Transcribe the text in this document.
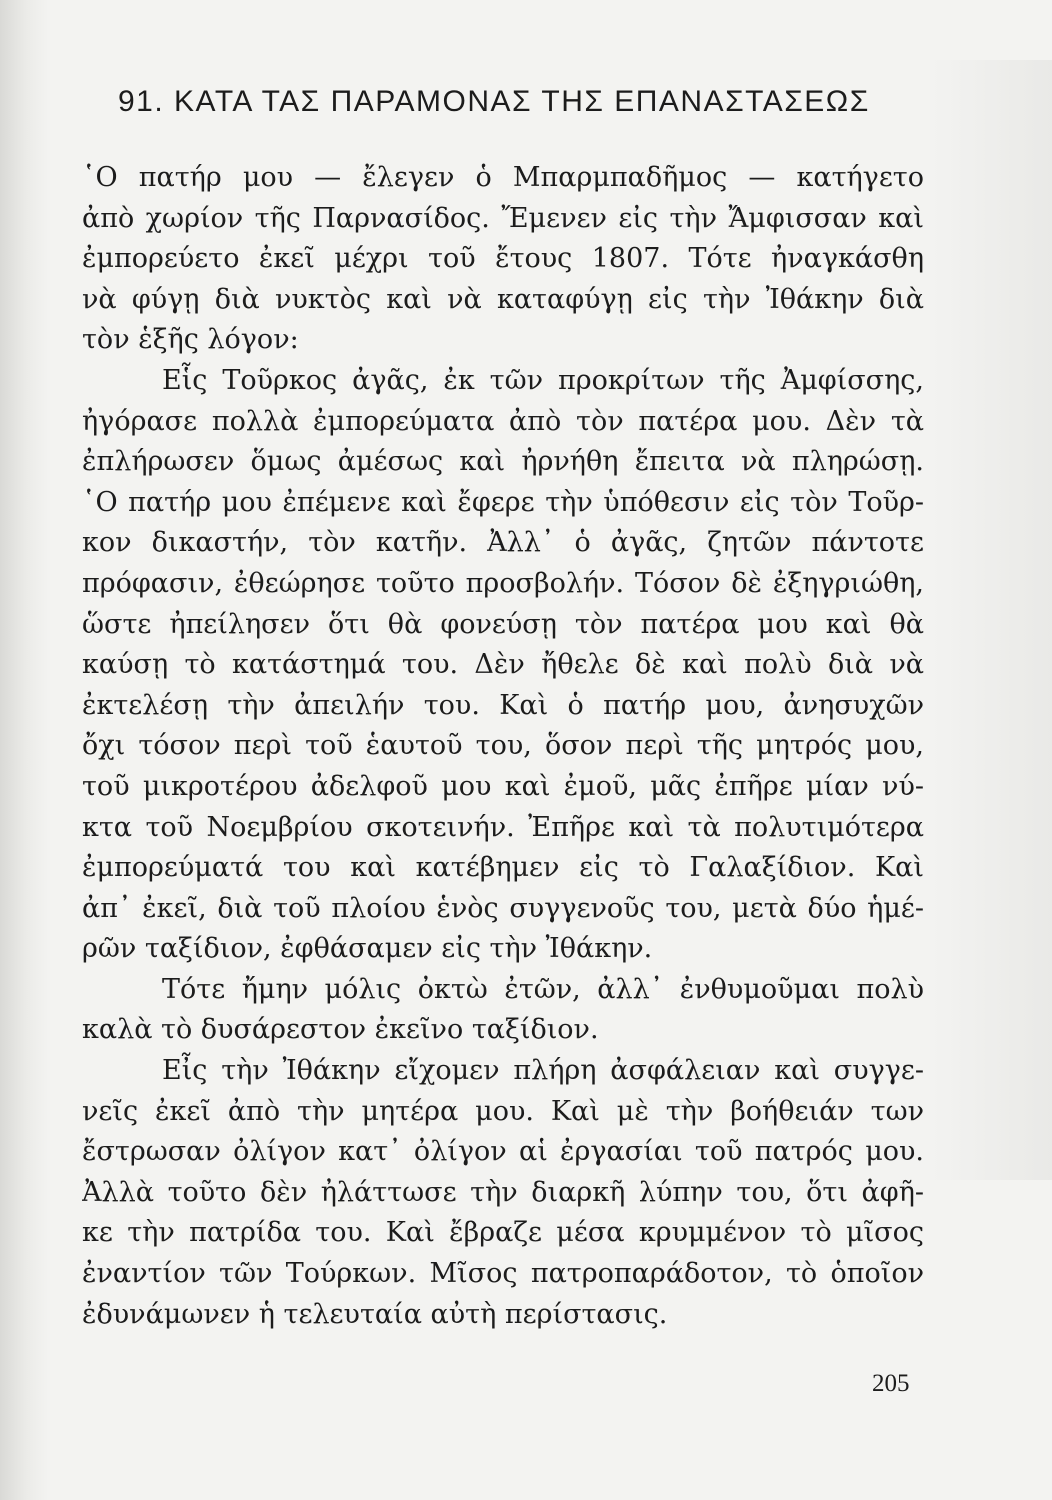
91. ΚΑΤΑ ΤΑΣ ΠΑΡΑΜΟΝΑΣ ΤΗΣ ΕΠΑΝΑΣΤΑΣΕΩΣ
῾Ο πατήρ μου — ἔλεγεν ὁ Μπαρμπαδῆμος — κατήγετο
ἀπὸ χωρίον τῆς Παρνασίδος. Ἔμενεν εἰς τὴν Ἄμφισσαν καὶ
ἐμπορεύετο ἐκεῖ μέχρι τοῦ ἔτους 1807. Τότε ἠναγκάσθη
νὰ φύγῃ διὰ νυκτὸς καὶ νὰ καταφύγῃ εἰς τὴν Ἰθάκην διὰ
τὸν ἑξῆς λόγον:
Εἷς Τοῦρκος ἀγᾶς, ἐκ τῶν προκρίτων τῆς Ἀμφίσσης,
ἠγόρασε πολλὰ ἐμπορεύματα ἀπὸ τὸν πατέρα μου. Δὲν τὰ
ἐπλήρωσεν ὅμως ἀμέσως καὶ ἠρνήθη ἔπειτα νὰ πληρώσῃ.
῾Ο πατήρ μου ἐπέμενε καὶ ἔφερε τὴν ὑπόθεσιν εἰς τὸν Τοῦρ-
κον δικαστήν, τὸν κατῆν. Ἀλλ᾽ ὁ ἀγᾶς, ζητῶν πάντοτε
πρόφασιν, ἐθεώρησε τοῦτο προσβολήν. Τόσον δὲ ἐξηγριώθη,
ὥστε ἠπείλησεν ὅτι θὰ φονεύσῃ τὸν πατέρα μου καὶ θὰ
καύσῃ τὸ κατάστημά του. Δὲν ἤθελε δὲ καὶ πολὺ διὰ νὰ
ἐκτελέσῃ τὴν ἀπειλήν του. Καὶ ὁ πατήρ μου, ἀνησυχῶν
ὄχι τόσον περὶ τοῦ ἑαυτοῦ του, ὅσον περὶ τῆς μητρός μου,
τοῦ μικροτέρου ἀδελφοῦ μου καὶ ἐμοῦ, μᾶς ἐπῆρε μίαν νύ-
κτα τοῦ Νοεμβρίου σκοτεινήν. Ἐπῆρε καὶ τὰ πολυτιμότερα
ἐμπορεύματά του καὶ κατέβημεν εἰς τὸ Γαλαξίδιον. Καὶ
ἀπ᾽ ἐκεῖ, διὰ τοῦ πλοίου ἑνὸς συγγενοῦς του, μετὰ δύο ἡμέ-
ρῶν ταξίδιον, ἐφθάσαμεν εἰς τὴν Ἰθάκην.
Τότε ἤμην μόλις ὀκτὼ ἐτῶν, ἀλλ᾽ ἐνθυμοῦμαι πολὺ
καλὰ τὸ δυσάρεστον ἐκεῖνο ταξίδιον.
Εἶς τὴν Ἰθάκην εἴχομεν πλήρη ἀσφάλειαν καὶ συγγε-
νεῖς ἐκεῖ ἀπὸ τὴν μητέρα μου. Καὶ μὲ τὴν βοήθειάν των
ἔστρωσαν ὀλίγον κατ᾽ ὀλίγον αἱ ἐργασίαι τοῦ πατρός μου.
Ἀλλὰ τοῦτο δὲν ἠλάττωσε τὴν διαρκῆ λύπην του, ὅτι ἀφῆ-
κε τὴν πατρίδα του. Καὶ ἔβραζε μέσα κρυμμένον τὸ μῖσος
ἐναντίον τῶν Τούρκων. Μῖσος πατροπαράδοτον, τὸ ὁποῖον
ἐδυνάμωνεν ἡ τελευταία αὐτὴ περίστασις.

205
